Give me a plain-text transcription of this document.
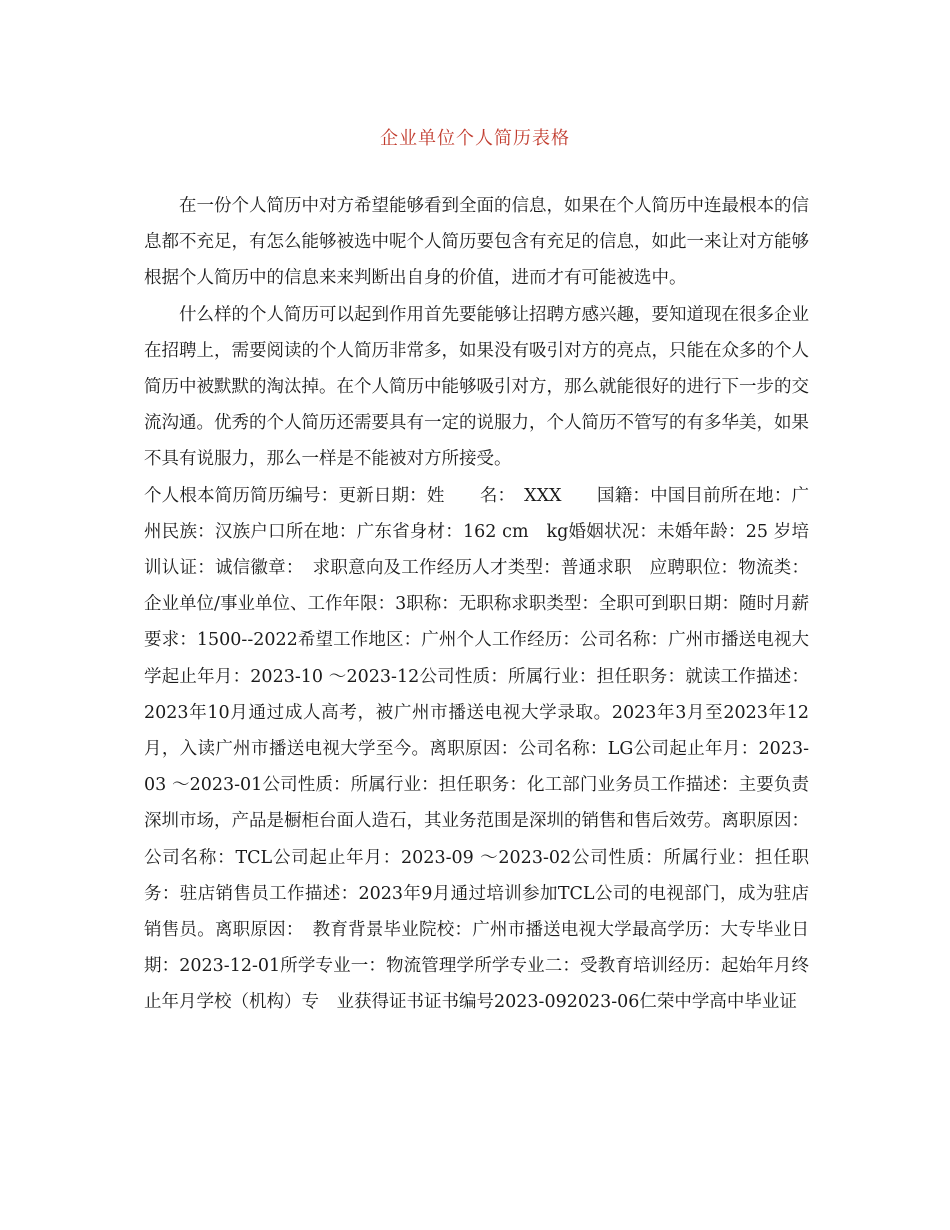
企业单位个人简历表格

在一份个人简历中对方希望能够看到全面的信息，如果在个人简历中连最根本的信息都不充足，有怎么能够被选中呢个人简历要包含有充足的信息，如此一来让对方能够根据个人简历中的信息来来判断出自身的价值，进而才有可能被选中。

什么样的个人简历可以起到作用首先要能够让招聘方感兴趣，要知道现在很多企业在招聘上，需要阅读的个人简历非常多，如果没有吸引对方的亮点，只能在众多的个人简历中被默默的淘汰掉。在个人简历中能够吸引对方，那么就能很好的进行下一步的交流沟通。优秀的个人简历还需要具有一定的说服力，个人简历不管写的有多华美，如果不具有说服力，那么一样是不能被对方所接受。

个人根本简历简历编号：更新日期：姓　　名：　XXX　　国籍：中国目前所在地：广州民族：汉族户口所在地：广东省身材：162 cm　kg婚姻状况：未婚年龄：25 岁培训认证：诚信徽章：　求职意向及工作经历人才类型：普通求职　应聘职位：物流类：企业单位/事业单位、工作年限：3职称：无职称求职类型：全职可到职日期：随时月薪要求：1500--2022希望工作地区：广州个人工作经历：公司名称：广州市播送电视大学起止年月：2023-10 ～2023-12公司性质：所属行业：担任职务：就读工作描述：2023年10月通过成人高考，被广州市播送电视大学录取。2023年3月至2023年12月，入读广州市播送电视大学至今。离职原因：公司名称：LG公司起止年月：2023-03 ～2023-01公司性质：所属行业：担任职务：化工部门业务员工作描述：主要负责深圳市场，产品是橱柜台面人造石，其业务范围是深圳的销售和售后效劳。离职原因：公司名称：TCL公司起止年月：2023-09 ～2023-02公司性质：所属行业：担任职务：驻店销售员工作描述：2023年9月通过培训参加TCL公司的电视部门，成为驻店销售员。离职原因：　教育背景毕业院校：广州市播送电视大学最高学历：大专毕业日期：2023-12-01所学专业一：物流管理学所学专业二：受教育培训经历：起始年月终止年月学校（机构）专　业获得证书证书编号2023-092023-06仁荣中学高中毕业证
